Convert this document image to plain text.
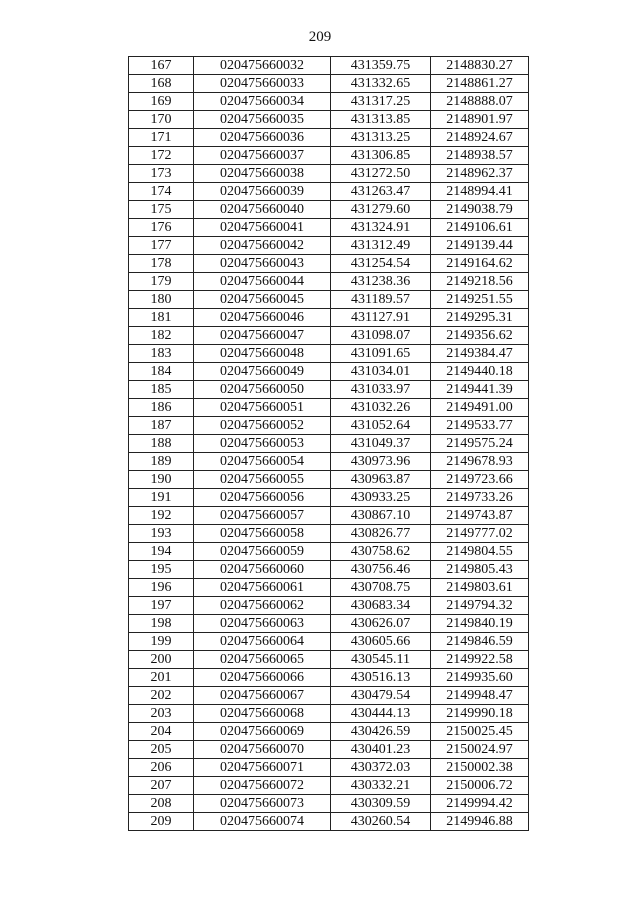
209
167	020475660032	431359.75	2148830.27
168	020475660033	431332.65	2148861.27
169	020475660034	431317.25	2148888.07
170	020475660035	431313.85	2148901.97
171	020475660036	431313.25	2148924.67
172	020475660037	431306.85	2148938.57
173	020475660038	431272.50	2148962.37
174	020475660039	431263.47	2148994.41
175	020475660040	431279.60	2149038.79
176	020475660041	431324.91	2149106.61
177	020475660042	431312.49	2149139.44
178	020475660043	431254.54	2149164.62
179	020475660044	431238.36	2149218.56
180	020475660045	431189.57	2149251.55
181	020475660046	431127.91	2149295.31
182	020475660047	431098.07	2149356.62
183	020475660048	431091.65	2149384.47
184	020475660049	431034.01	2149440.18
185	020475660050	431033.97	2149441.39
186	020475660051	431032.26	2149491.00
187	020475660052	431052.64	2149533.77
188	020475660053	431049.37	2149575.24
189	020475660054	430973.96	2149678.93
190	020475660055	430963.87	2149723.66
191	020475660056	430933.25	2149733.26
192	020475660057	430867.10	2149743.87
193	020475660058	430826.77	2149777.02
194	020475660059	430758.62	2149804.55
195	020475660060	430756.46	2149805.43
196	020475660061	430708.75	2149803.61
197	020475660062	430683.34	2149794.32
198	020475660063	430626.07	2149840.19
199	020475660064	430605.66	2149846.59
200	020475660065	430545.11	2149922.58
201	020475660066	430516.13	2149935.60
202	020475660067	430479.54	2149948.47
203	020475660068	430444.13	2149990.18
204	020475660069	430426.59	2150025.45
205	020475660070	430401.23	2150024.97
206	020475660071	430372.03	2150002.38
207	020475660072	430332.21	2150006.72
208	020475660073	430309.59	2149994.42
209	020475660074	430260.54	2149946.88
